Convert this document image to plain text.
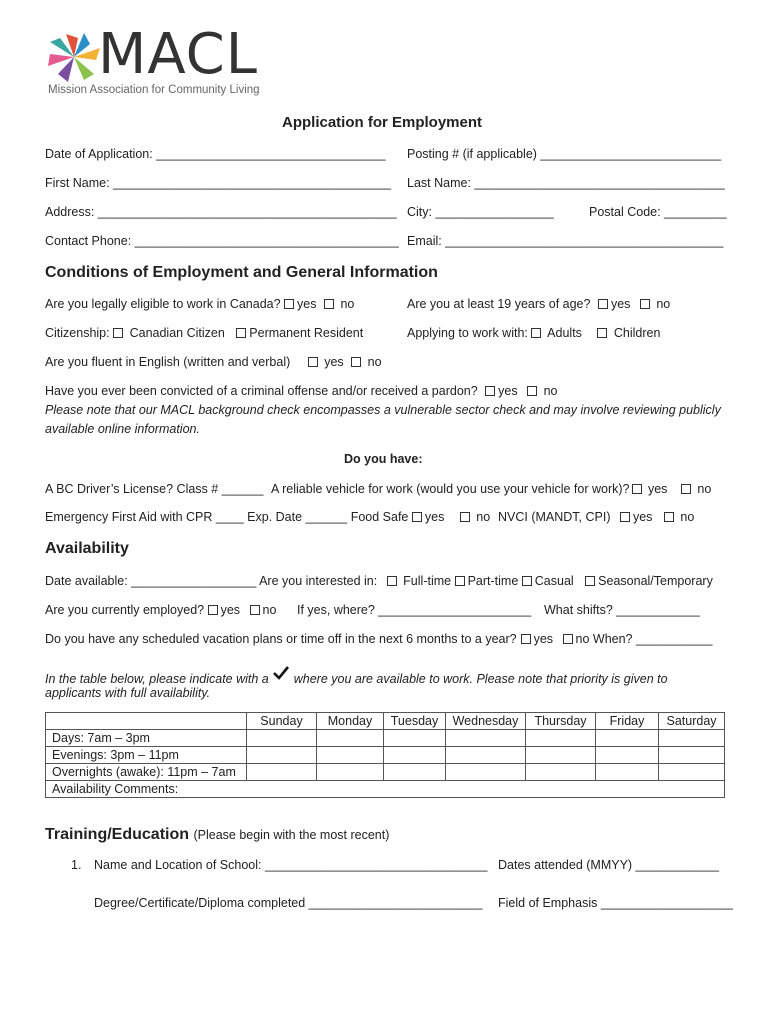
MACL
Mission Association for Community Living
Application for Employment
Date of Application: _________________________________ Posting # (if applicable) __________________________
First Name: ________________________________________ Last Name: ____________________________________
Address: ___________________________________________ City: _________________	Postal Code: _________
Contact Phone: ______________________________________ Email: ________________________________________
Conditions of Employment and General Information
Are you legally eligible to work in Canada? yes no	Are you at least 19 years of age? yes no
Citizenship: Canadian Citizen Permanent Resident	Applying to work with: Adults	Children
Are you fluent in English (written and verbal)	yes no
Have you ever been convicted of a criminal offense and/or received a pardon? yes no
Please note that our MACL background check encompasses a vulnerable sector check and may involve reviewing publicly available online information.
Do you have:
A BC Driver’s License? Class # ______ A reliable vehicle for work (would you use your vehicle for work)? yes no
Emergency First Aid with CPR ____ Exp. Date ______ Food Safe yes	no NVCI (MANDT, CPI) yes no
Availability
Date available: __________________ Are you interested in: Full-time Part-time Casual Seasonal/Temporary
Are you currently employed? yes no If yes, where? ______________________ What shifts? ____________
Do you have any scheduled vacation plans or time off in the next 6 months to a year? yes no When? ___________
In the table below, please indicate with a where you are available to work. Please note that priority is given to
applicants with full availability.
	Sunday	Monday	Tuesday	Wednesday	Thursday	Friday	Saturday
Days: 7am – 3pm							
Evenings: 3pm – 11pm							
Overnights (awake): 11pm – 7am							
Availability Comments:							
Training/Education (Please begin with the most recent)
1. Name and Location of School: ________________________________ Dates attended (MMYY) ____________
Degree/Certificate/Diploma completed _________________________ Field of Emphasis ___________________
